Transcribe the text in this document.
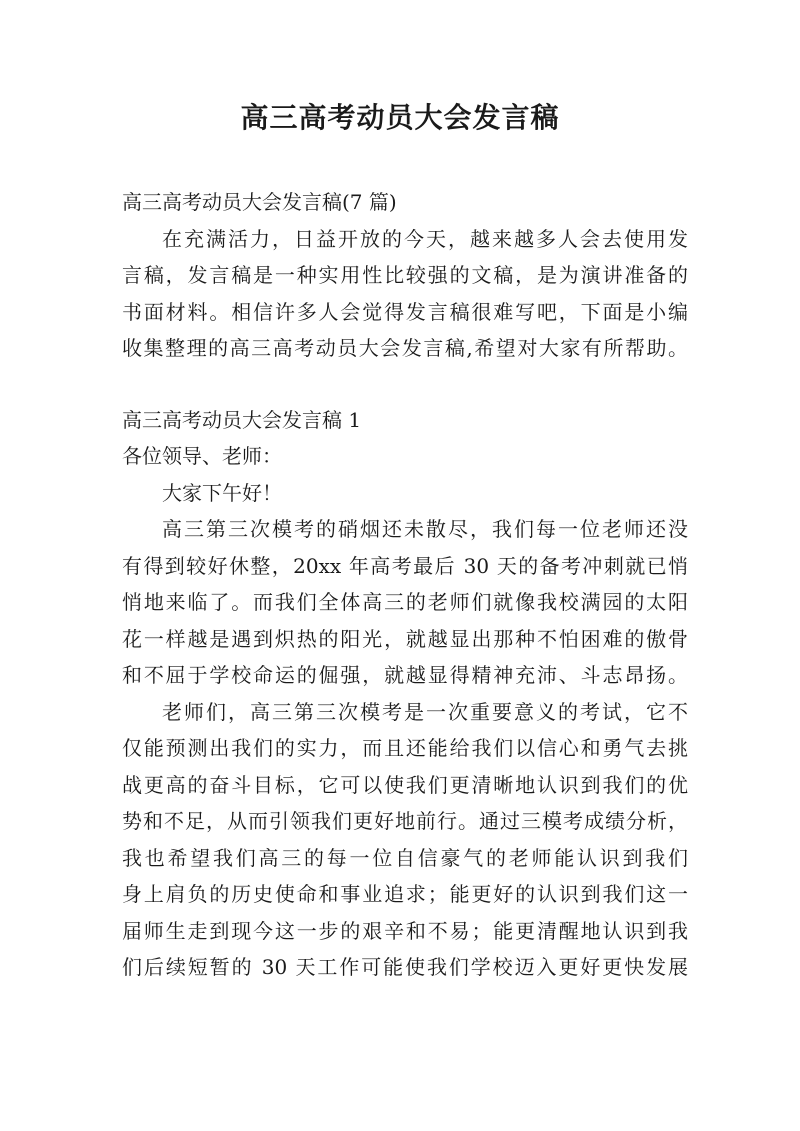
高三高考动员大会发言稿
高三高考动员大会发言稿(7 篇)
在充满活力，日益开放的今天，越来越多人会去使用发
言稿，发言稿是一种实用性比较强的文稿，是为演讲准备的
书面材料。相信许多人会觉得发言稿很难写吧，下面是小编
收集整理的高三高考动员大会发言稿,希望对大家有所帮助。
高三高考动员大会发言稿 1
各位领导、老师：
大家下午好！
高三第三次模考的硝烟还未散尽，我们每一位老师还没
有得到较好休整，20xx 年高考最后 30 天的备考冲刺就已悄
悄地来临了。而我们全体高三的老师们就像我校满园的太阳
花一样越是遇到炽热的阳光，就越显出那种不怕困难的傲骨
和不屈于学校命运的倔强，就越显得精神充沛、斗志昂扬。
老师们，高三第三次模考是一次重要意义的考试，它不
仅能预测出我们的实力，而且还能给我们以信心和勇气去挑
战更高的奋斗目标，它可以使我们更清晰地认识到我们的优
势和不足，从而引领我们更好地前行。通过三模考成绩分析，
我也希望我们高三的每一位自信豪气的老师能认识到我们
身上肩负的历史使命和事业追求；能更好的认识到我们这一
届师生走到现今这一步的艰辛和不易；能更清醒地认识到我
们后续短暂的 30 天工作可能使我们学校迈入更好更快发展
